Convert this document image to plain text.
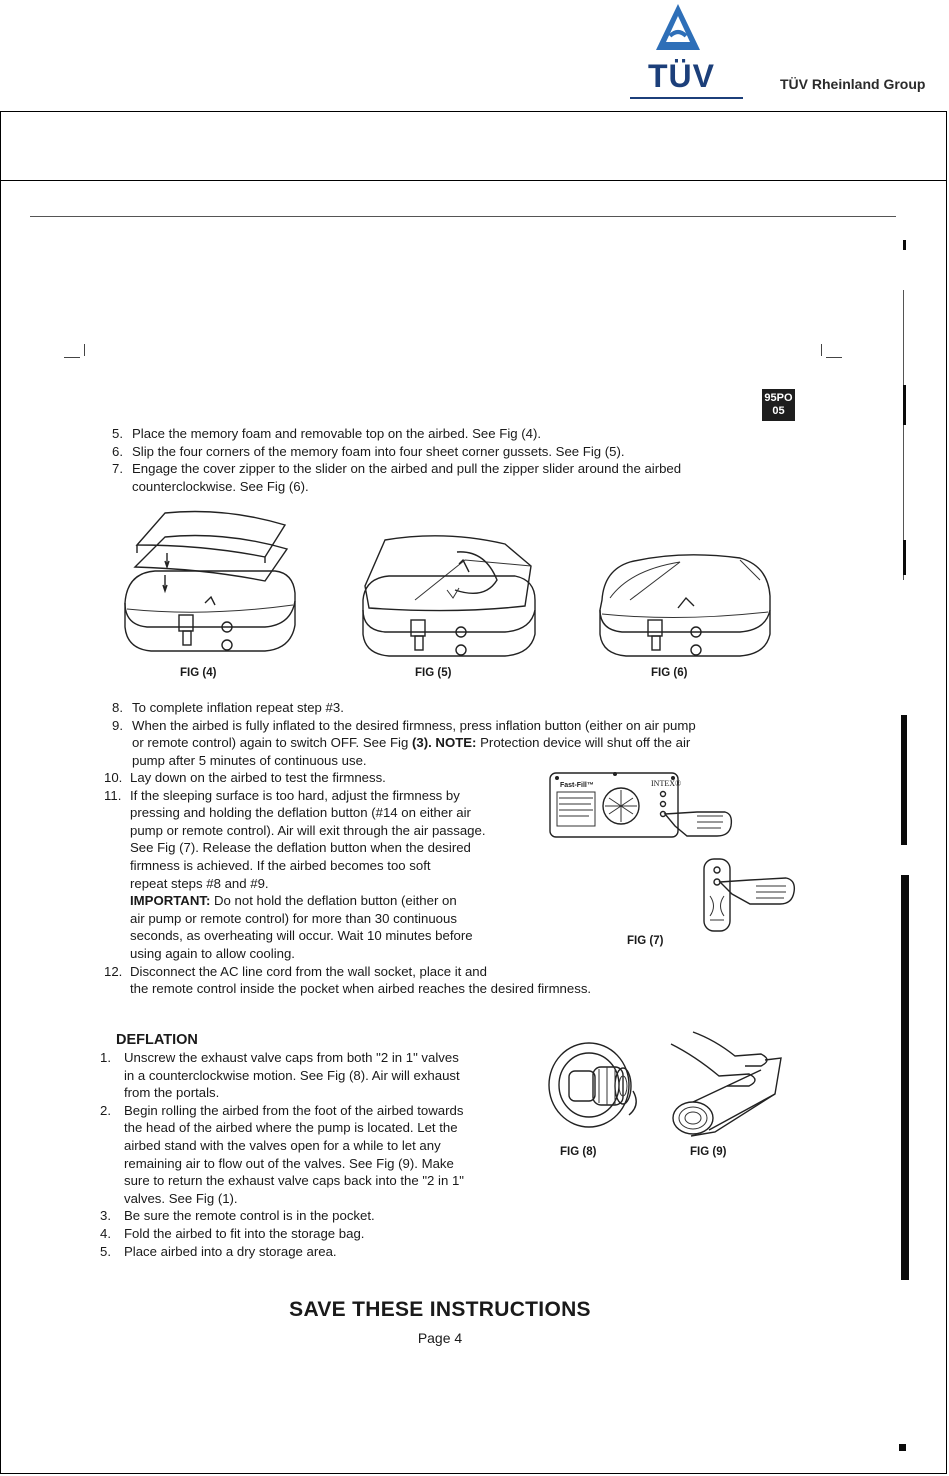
TÜV	TÜV Rheinland Group
95PO
05
5. Place the memory foam and removable top on the airbed. See Fig (4).
6. Slip the four corners of the memory foam into four sheet corner gussets. See Fig (5).
7. Engage the cover zipper to the slider on the airbed and pull the zipper slider around the airbed
counterclockwise. See Fig (6).
FIG (4)	FIG (5)	FIG (6)
8. To complete inflation repeat step #3.
9. When the airbed is fully inflated to the desired firmness, press inflation button (either on air pump
or remote control) again to switch OFF. See Fig (3). NOTE: Protection device will shut off the air
pump after 5 minutes of continuous use.
10. Lay down on the airbed to test the firmness.
11. If the sleeping surface is too hard, adjust the firmness by
pressing and holding the deflation button (#14 on either air
pump or remote control). Air will exit through the air passage.
See Fig (7). Release the deflation button when the desired
firmness is achieved. If the airbed becomes too soft
repeat steps #8 and #9.
IMPORTANT: Do not hold the deflation button (either on
air pump or remote control) for more than 30 continuous
seconds, as overheating will occur. Wait 10 minutes before
using again to allow cooling.
12. Disconnect the AC line cord from the wall socket, place it and
the remote control inside the pocket when airbed reaches the desired firmness.
Fast-Fill™	INTEX®
FIG (7)
DEFLATION
1. Unscrew the exhaust valve caps from both "2 in 1" valves
in a counterclockwise motion. See Fig (8). Air will exhaust
from the portals.
2. Begin rolling the airbed from the foot of the airbed towards
the head of the airbed where the pump is located. Let the
airbed stand with the valves open for a while to let any
remaining air to flow out of the valves. See Fig (9). Make
sure to return the exhaust valve caps back into the "2 in 1"
valves. See Fig (1).
3. Be sure the remote control is in the pocket.
4. Fold the airbed to fit into the storage bag.
5. Place airbed into a dry storage area.
FIG (8)	FIG (9)
SAVE THESE INSTRUCTIONS
Page 4
